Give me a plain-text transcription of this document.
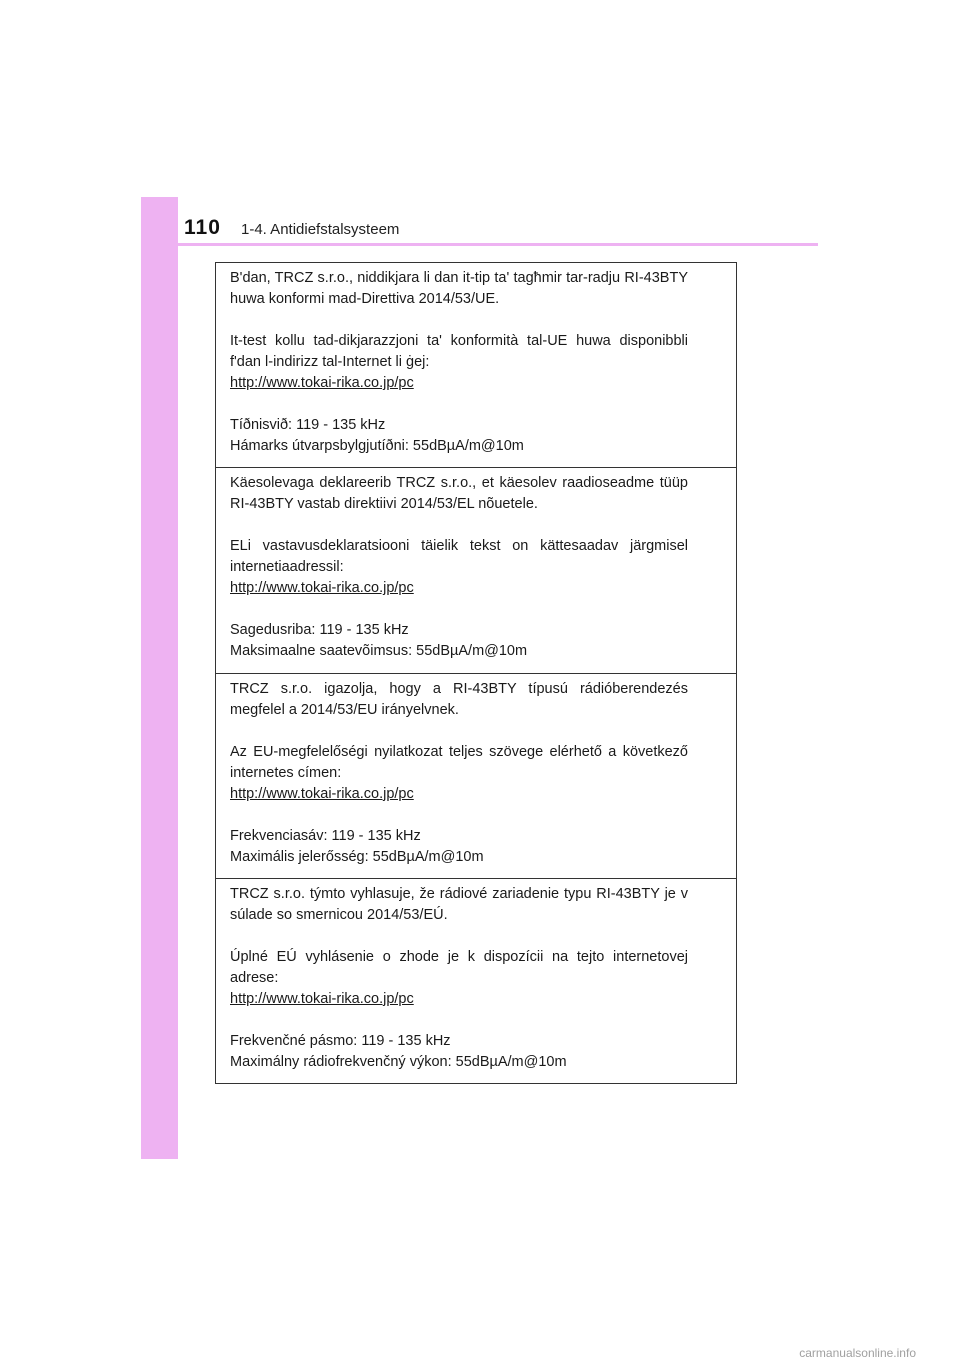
110 1-4. Antidiefstalsysteem

B'dan, TRCZ s.r.o., niddikjara li dan it-tip ta' tagħmir tar-radju RI-43BTY huwa konformi mad-Direttiva 2014/53/UE.

It-test kollu tad-dikjarazzjoni ta' konformità tal-UE huwa disponibbli f'dan l-indirizz tal-Internet li ġej:

http://www.tokai-rika.co.jp/pc
Tíðnisvið: 119 - 135 kHz
Hámarks útvarpsbylgjutíðni: 55dBµA/m@10m

Käesolevaga deklareerib TRCZ s.r.o., et käesolev raadioseadme tüüp RI-43BTY vastab direktiivi 2014/53/EL nõuetele.

ELi vastavusdeklaratsiooni täielik tekst on kättesaadav järgmisel internetiaadressil:

http://www.tokai-rika.co.jp/pc
Sagedusriba: 119 - 135 kHz
Maksimaalne saatevõimsus: 55dBµA/m@10m

TRCZ s.r.o. igazolja, hogy a RI-43BTY típusú rádióberendezés megfelel a 2014/53/EU irányelvnek.

Az EU-megfelelőségi nyilatkozat teljes szövege elérhető a következő internetes címen:

http://www.tokai-rika.co.jp/pc
Frekvenciasáv: 119 - 135 kHz
Maximális jelerősség: 55dBµA/m@10m

TRCZ s.r.o. týmto vyhlasuje, že rádiové zariadenie typu RI-43BTY je v súlade so smernicou 2014/53/EÚ.

Úplné EÚ vyhlásenie o zhode je k dispozícii na tejto internetovej adrese:

http://www.tokai-rika.co.jp/pc
Frekvenčné pásmo: 119 - 135 kHz
Maximálny rádiofrekvenčný výkon: 55dBµA/m@10m
carmanualsonline.info
